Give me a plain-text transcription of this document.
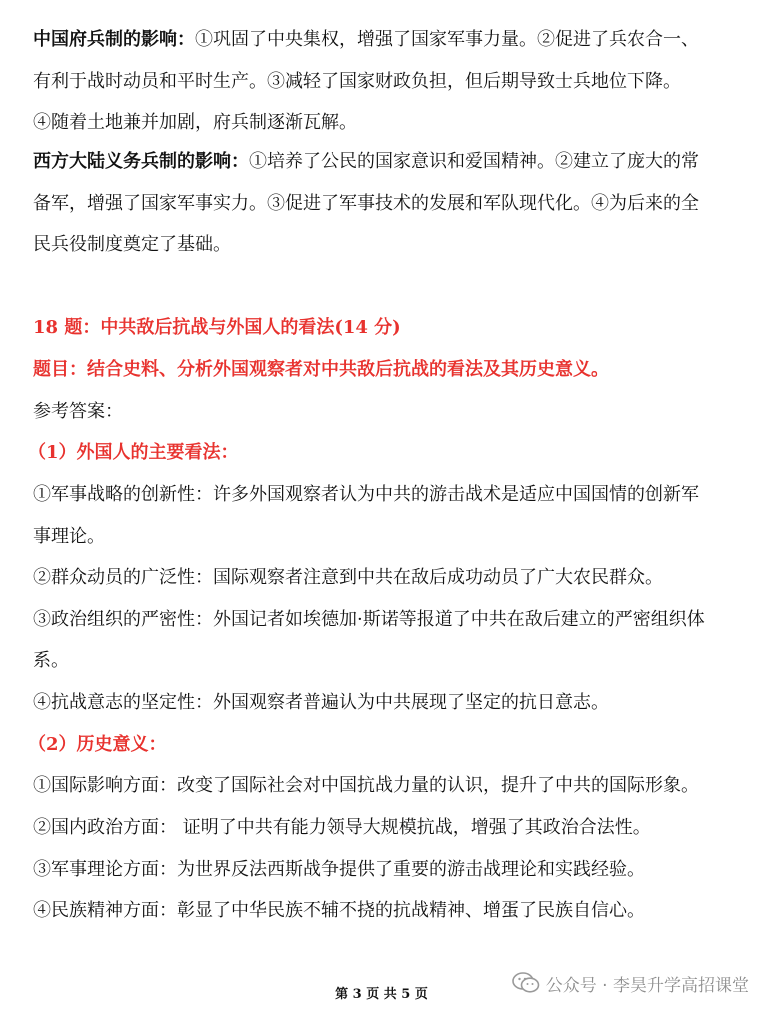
中国府兵制的影响：①巩固了中央集权，增强了国家军事力量。②促进了兵农合一、
有利于战时动员和平时生产。③减轻了国家财政负担，但后期导致士兵地位下降。
④随着土地兼并加剧，府兵制逐渐瓦解。
西方大陆义务兵制的影响：①培养了公民的国家意识和爱国精神。②建立了庞大的常
备军，增强了国家军事实力。③促进了军事技术的发展和军队现代化。④为后来的全
民兵役制度奠定了基础。
18 题：中共敌后抗战与外国人的看法(14 分)
题目：结合史料、分析外国观察者对中共敌后抗战的看法及其历史意义。
参考答案：
（1）外国人的主要看法：
①军事战略的创新性：许多外国观察者认为中共的游击战术是适应中国国情的创新军
事理论。
②群众动员的广泛性：国际观察者注意到中共在敌后成功动员了广大农民群众。
③政治组织的严密性：外国记者如埃德加·斯诺等报道了中共在敌后建立的严密组织体
系。
④抗战意志的坚定性：外国观察者普遍认为中共展现了坚定的抗日意志。
（2）历史意义：
①国际影响方面：改变了国际社会对中国抗战力量的认识，提升了中共的国际形象。
②国内政治方面： 证明了中共有能力领导大规模抗战，增强了其政治合法性。
③军事理论方面：为世界反法西斯战争提供了重要的游击战理论和实践经验。
④民族精神方面：彰显了中华民族不辅不挠的抗战精神、增蛋了民族自信心。
第 3 页 共 5 页	公众号 · 李昊升学高招课堂
